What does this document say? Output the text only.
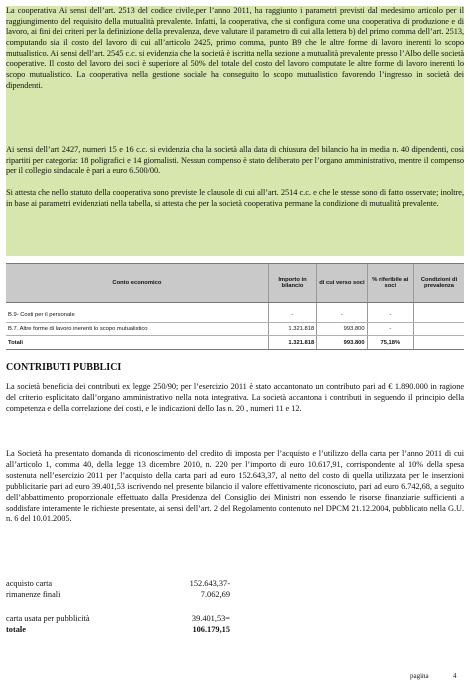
La cooperativa Ai sensi dell’art. 2513 del codice civile,per l’anno 2011, ha raggiunto i parametri previsti dal medesimo articolo per il raggiungimento del requisito della mutualità prevalente. Infatti, la cooperativa, che si configura come una cooperativa di produzione e di lavoro, ai fini dei criteri per la definizione della prevalenza, deve valutare il parametro di cui alla lettera b) del primo comma dell’art. 2513, computando sia il costo del lavoro di cui all’articolo 2425, primo comma, punto B9 che le altre forme di lavoro inerenti lo scopo mutualistico. Ai sensi dell’art. 2545 c.c. si evidenzia che la società è iscritta nella sezione a mutualità prevalente presso l’Albo delle società cooperative. Il costo del lavoro dei soci è superiore al 50% del totale del costo del lavoro computate le altre forme di lavoro inerenti lo scopo mutualistico. La cooperativa nella gestione sociale ha conseguito lo scopo mutualistico favorendo l’ingresso in società dei dipendenti.

Ai sensi dell’art 2427, numeri 15 e 16 c.c. si evidenzia cha la società alla data di chiusura del bilancio ha in media n. 40 dipendenti, così ripartiti per categoria: 18 poligrafici e 14 giornalisti. Nessun compenso è stato deliberato per l’organo amministrativo, mentre il compenso per il collegio sindacale è pari a euro 6.500/00.

Si attesta che nello statuto della cooperativa sono previste le clausole di cui all’art. 2514 c.c. e che le stesse sono di fatto osservate; inoltre, in base ai parametri evidenziati nella tabella, si attesta che per la società cooperativa permane la condizione di mutualità prevalente.

Conto economico	Importo in bilancio	di cui verso soci	% riferibile ai soci	Condizioni di prevalenza

B.9- Costi per il personale	-	-	-	
B.7. Altre forme di lavoro inerenti lo scopo mutualistico	1.321.818	993.800	-	
Totali	1.321.818	993.800	75,18%	
CONTRIBUTI PUBBLICI

La società beneficia dei contributi ex legge 250/90; per l’esercizio 2011 è stato accantonato un contributo pari ad € 1.890.000 in ragione del criterio esplicitato dall’organo amministrativo nella nota integrativa. La società accantona i contributi in seguendo il principio della competenza e della correlazione dei costi, e le indicazioni dello Ias n. 20 , numeri 11 e 12.

La Società ha presentato domanda di riconoscimento del credito di imposta per l’acquisto e l’utilizzo della carta per l’anno 2011 di cui all’articolo 1, comma 40, della legge 13 dicembre 2010, n. 220 per l’importo di euro 10.617,91, corrispondente al 10% della spesa sostenuta nell’esercizio 2011 per l’acquisto della carta pari ad euro 152.643,37, al netto del costo di quella utilizzata per le inserzioni pubblicitarie pari ad euro 39.401,53 iscrivendo nel presente bilancio il valore effettivamente riconosciuto, pari ad euro 6.742,68, a seguito dell’abbattimento proporzionale effettuato dalla Presidenza del Consiglio dei Ministri non essendo le risorse finanziarie sufficienti a soddisfare interamente le richieste presentate, ai sensi dell’art. 2 del Regolamento contenuto nel DPCM 21.12.2004, pubblicato nella G.U. n. 6 del 10.01.2005.

acquisto carta	152.643,37-
rimanenze finali	7.062,69
carta usata per pubblicità	39.401,53=
totale	106.179,15
pagina	4
